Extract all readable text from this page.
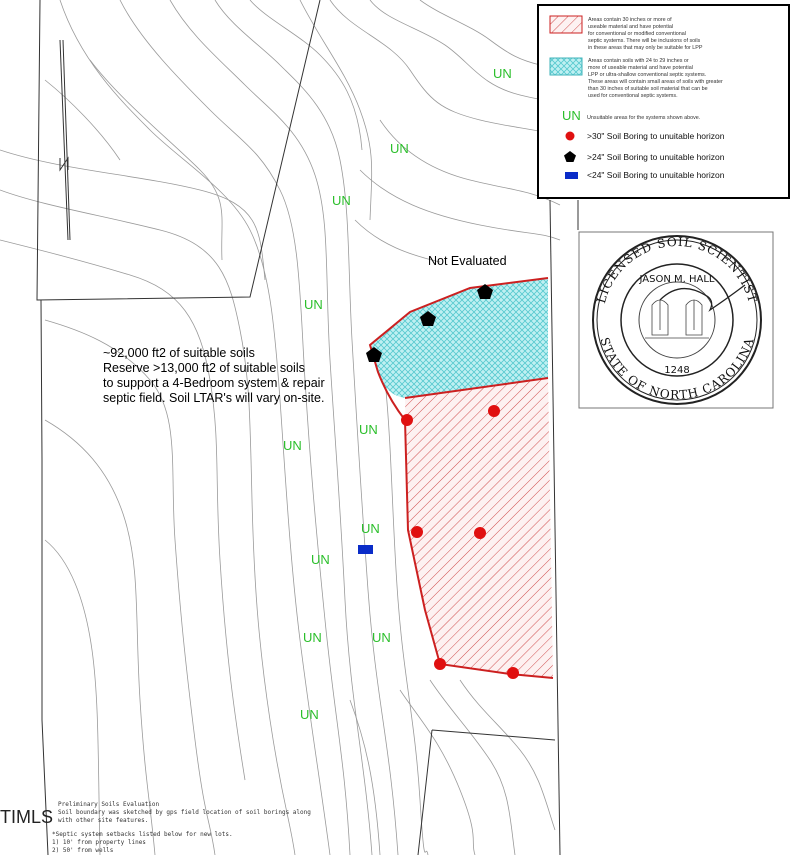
UN
UN
UN
UN
UN
UN
UN
UN
UN	UN
UN
Not Evaluated
~92,000 ft2 of suitable soils
Reserve >13,000 ft2 of suitable soils
to support a 4-Bedroom system & repair
septic field. Soil LTAR's will vary on-site.
Areas contain 30 inches or more of
useable material and have potential
for conventional or modified conventional
septic systems. There will be inclusions of soils
in these areas that may only be suitable for LPP
Areas contain soils with 24 to 29 inches or
more of useable material and have potential
LPP or ultra-shallow conventional septic systems.
These areas will contain small areas of soils with greater
than 30 inches of suitable soil material that can be
used for conventional septic systems.
UN Unsuitable areas for the systems shown above.
>30" Soil Boring to unuitable horizon
>24" Soil Boring to unuitable horizon
<24" Soil Boring to unuitable horizon
LICENSED SOIL SCIENTIST
STATE OF NORTH CAROLINA
JASON M. HALL
1248
Preliminary Soils Evaluation
Soil boundary was sketched by gps field location of soil borings along
with other site features.
*Septic system setbacks listed below for new lots.
1) 10' from property lines
2) 50' from wells
TIMLS
